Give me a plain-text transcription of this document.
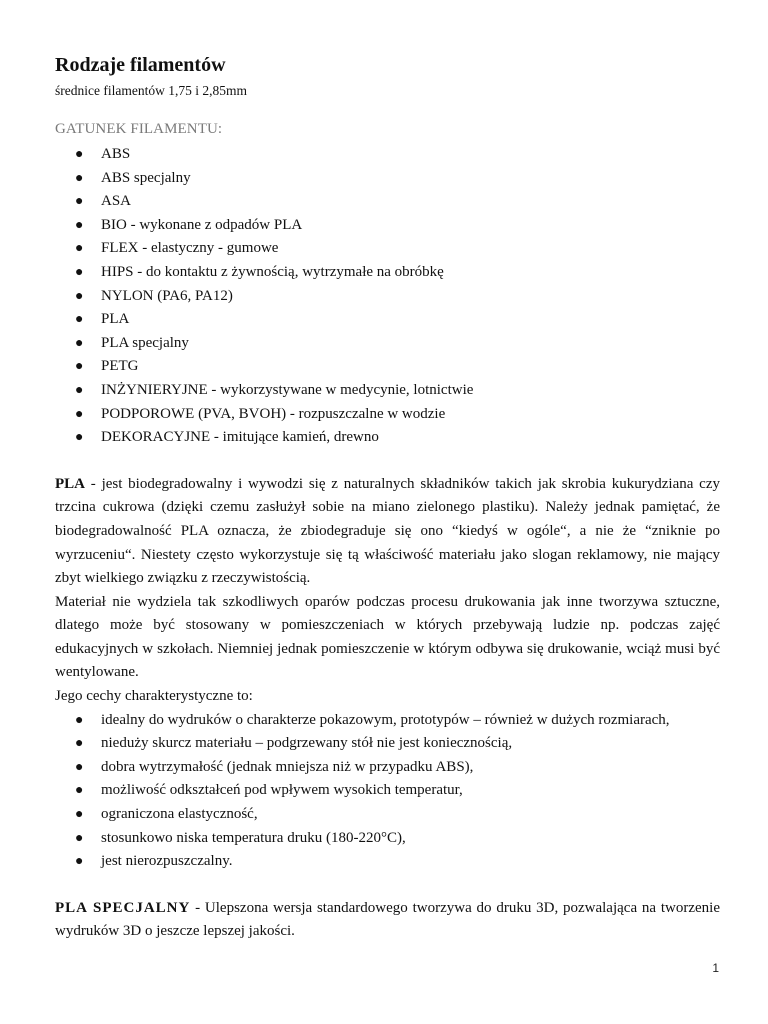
Rodzaje filamentów

średnice filamentów 1,75 i 2,85mm

GATUNEK FILAMENTU:

● ABS
● ABS specjalny
● ASA
● BIO - wykonane z odpadów PLA
● FLEX - elastyczny - gumowe
● HIPS - do kontaktu z żywnością, wytrzymałe na obróbkę
● NYLON (PA6, PA12)
● PLA
● PLA specjalny
● PETG
● INŻYNIERYJNE - wykorzystywane w medycynie, lotnictwie
● PODPOROWE (PVA, BVOH) - rozpuszczalne w wodzie
● DEKORACYJNE - imitujące kamień, drewno

PLA - jest biodegradowalny i wywodzi się z naturalnych składników takich jak skrobia kukurydziana czy trzcina cukrowa (dzięki czemu zasłużył sobie na miano zielonego plastiku). Należy jednak pamiętać, że biodegradowalność PLA oznacza, że zbiodegraduje się ono “kiedyś w ogóle“, a nie że “zniknie po wyrzuceniu“. Niestety często wykorzystuje się tą właściwość materiału jako slogan reklamowy, nie mający zbyt wielkiego związku z rzeczywistością.

Materiał nie wydziela tak szkodliwych oparów podczas procesu drukowania jak inne tworzywa sztuczne, dlatego może być stosowany w pomieszczeniach w których przebywają ludzie np. podczas zajęć edukacyjnych w szkołach. Niemniej jednak pomieszczenie w którym odbywa się drukowanie, wciąż musi być wentylowane.

Jego cechy charakterystyczne to:

● idealny do wydruków o charakterze pokazowym, prototypów – również w dużych rozmiarach,
● nieduży skurcz materiału – podgrzewany stół nie jest koniecznością,
● dobra wytrzymałość (jednak mniejsza niż w przypadku ABS),
● możliwość odkształceń pod wpływem wysokich temperatur,
● ograniczona elastyczność,
● stosunkowo niska temperatura druku (180-220°C),
● jest nierozpuszczalny.

PLA SPECJALNY - Ulepszona wersja standardowego tworzywa do druku 3D, pozwalająca na tworzenie wydruków 3D o jeszcze lepszej jakości.

1
